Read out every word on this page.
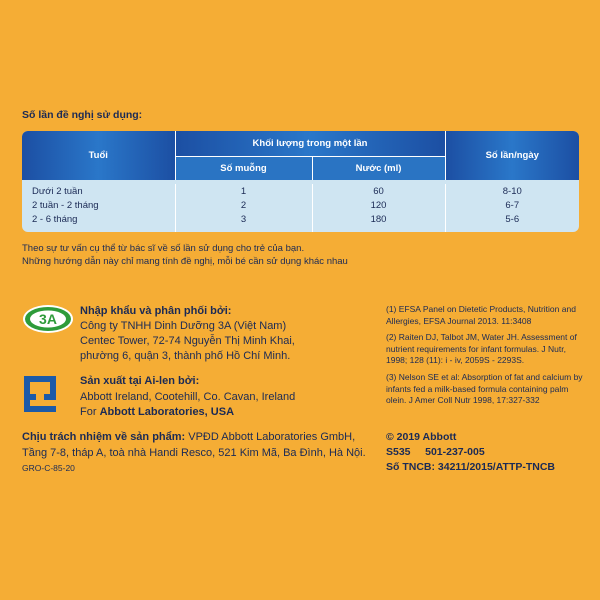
Số lần đề nghị sử dụng:
Tuổi	Khối lượng trong một lần		Số lần/ngày
	Số muỗng	Nước (ml)	

Dưới 2 tuần	1	60	8-10
2 tuần - 2 tháng	2	120	6-7
2 - 6 tháng	3	180	5-6

Theo sự tư vấn cụ thể từ bác sĩ về số lần sử dụng cho trẻ của bạn.
Những hướng dẫn này chỉ mang tính đề nghị, mỗi bé cần sử dụng khác nhau
3A Nhập khẩu và phân phối bởi:
Công ty TNHH Dinh Dưỡng 3A (Việt Nam)
Centec Tower, 72-74 Nguyễn Thị Minh Khai,
phường 6, quận 3, thành phố Hồ Chí Minh.
Sản xuất tại Ai-len bởi:
Abbott Ireland, Cootehill, Co. Cavan, Ireland
For Abbott Laboratories, USA
Chịu trách nhiệm về sản phẩm: VPĐD Abbott Laboratories GmbH, Tầng 7-8, tháp A, toà nhà Handi Resco, 521 Kim Mã, Ba Đình, Hà Nội.
GRO-C-85-20

(1) EFSA Panel on Dietetic Products, Nutrition and Allergies, EFSA Journal 2013. 11:3408

(2) Raiten DJ, Talbot JM, Water JH. Assessment of nutrient requirements for infant formulas. J Nutr, 1998; 128 (11): i - iv, 2059S - 2293S.

(3) Nelson SE et al: Absorption of fat and calcium by infants fed a milk-based formula containing palm olein. J Amer Coll Nutr 1998, 17:327-332

© 2019 Abbott
S535     501-237-005
Số TNCB: 34211/2015/ATTP-TNCB
